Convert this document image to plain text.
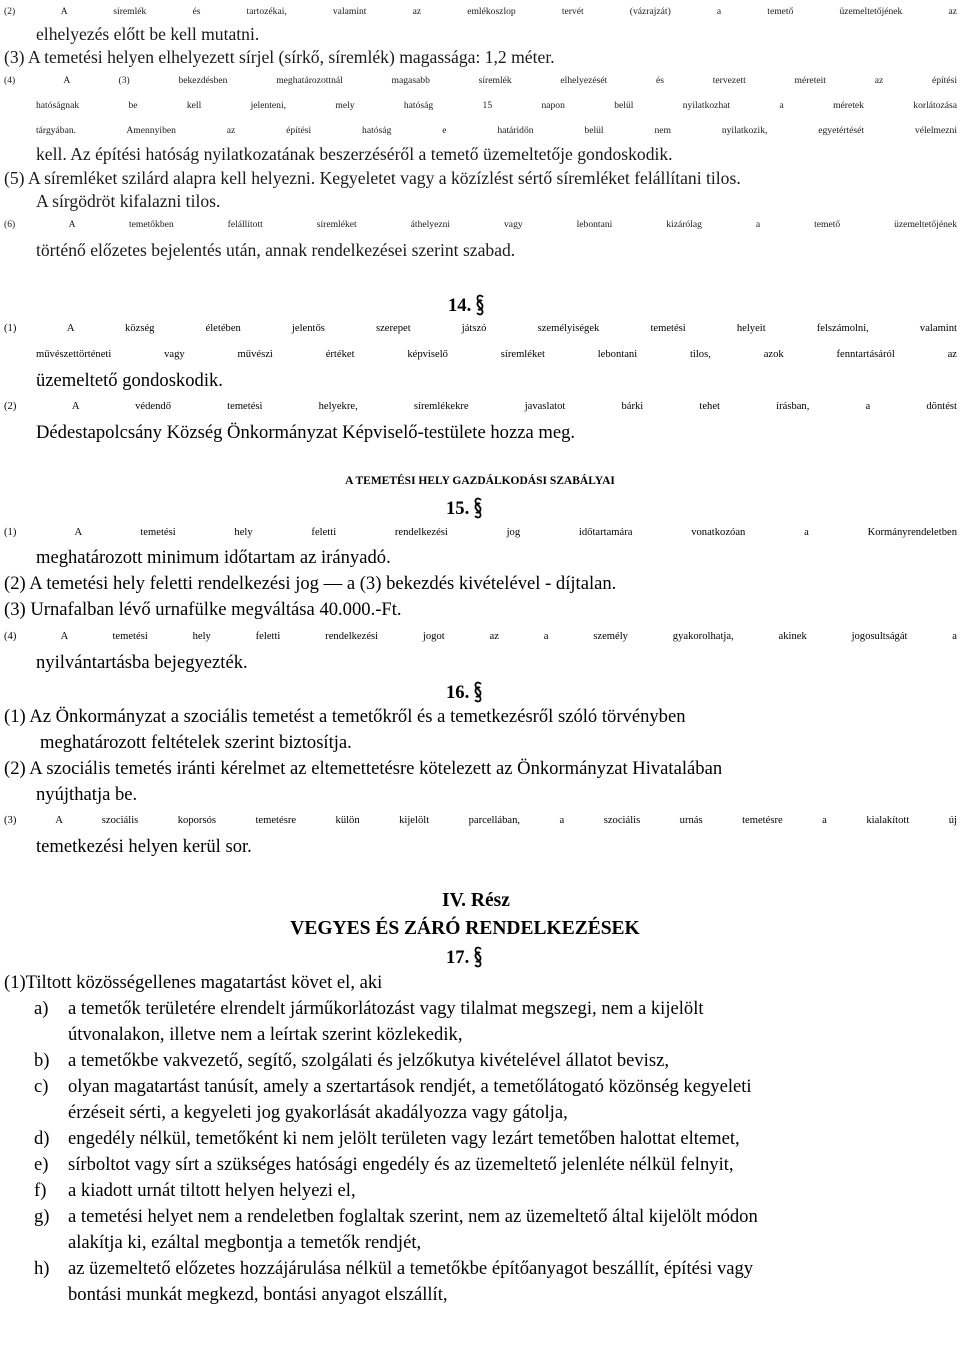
(2) A síremlék és tartozékai, valamint az emlékoszlop tervét (vázrajzát) a temető üzemeltetőjének az
elhelyezés előtt be kell mutatni.
(3) A temetési helyen elhelyezett sírjel (sírkő, síremlék) magassága: 1,2 méter.
(4) A (3) bekezdésben meghatározottnál magasabb síremlék elhelyezését és tervezett méreteit az építési
hatóságnak be kell jelenteni, mely hatóság 15 napon belül nyilatkozhat a méretek korlátozása
tárgyában. Amennyiben az építési hatóság e határidőn belül nem nyilatkozik, egyetértését vélelmezni
kell. Az építési hatóság nyilatkozatának beszerzéséről a temető üzemeltetője gondoskodik.
(5) A síremléket szilárd alapra kell helyezni. Kegyeletet vagy a közízlést sértő síremléket felállítani tilos.
A sírgödröt kifalazni tilos.
(6) A temetőkben felállított síremléket áthelyezni vagy lebontani kizárólag a temető üzemeltetőjének
történő előzetes bejelentés után, annak rendelkezései szerint szabad.
14.
(1) A község életében jelentős szerepet játszó személyiségek temetési helyeit felszámolni, valamint
művészettörténeti vagy művészi értéket képviselő síremléket lebontani tilos, azok fenntartásáról az
üzemeltető gondoskodik.
(2) A védendő temetési helyekre, síremlékekre javaslatot bárki tehet írásban, a döntést
Dédestapolcsány Község Önkormányzat Képviselő-testülete hozza meg.
A TEMETÉSI HELY GAZDÁLKODÁSI SZABÁLYAI
15.
(1) A temetési hely feletti rendelkezési jog időtartamára vonatkozóan a Kormányrendeletben
meghatározott minimum időtartam az irányadó.
(2) A temetési hely feletti rendelkezési jog — a (3) bekezdés kivételével - díjtalan.
(3) Urnafalban lévő urnafülke megváltása 40.000.-Ft.
(4) A temetési hely feletti rendelkezési jogot az a személy gyakorolhatja, akinek jogosultságát a
nyilvántartásba bejegyezték.
16.
(1) Az Önkormányzat a szociális temetést a temetőkről és a temetkezésről szóló törvényben
meghatározott feltételek szerint biztosítja.
(2) A szociális temetés iránti kérelmet az eltemettetésre kötelezett az Önkormányzat Hivatalában
nyújthatja be.
(3) A szociális koporsós temetésre külön kijelölt parcellában, a szociális urnás temetésre a kialakított új
temetkezési helyen kerül sor.
IV. Rész
VEGYES ÉS ZÁRÓ RENDELKEZÉSEK
17.
(1)Tiltott közösségellenes magatartást követ el, aki
a) a temetők területére elrendelt járműkorlátozást vagy tilalmat megszegi, nem a kijelölt
útvonalakon, illetve nem a leírtak szerint közlekedik,
b) a temetőkbe vakvezető, segítő, szolgálati és jelzőkutya kivételével állatot bevisz,
c) olyan magatartást tanúsít, amely a szertartások rendjét, a temetőlátogató közönség kegyeleti
érzéseit sérti, a kegyeleti jog gyakorlását akadályozza vagy gátolja,
d) engedély nélkül, temetőként ki nem jelölt területen vagy lezárt temetőben halottat eltemet,
e) sírboltot vagy sírt a szükséges hatósági engedély és az üzemeltető jelenléte nélkül felnyit,
f) a kiadott urnát tiltott helyen helyezi el,
g) a temetési helyet nem a rendeletben foglaltak szerint, nem az üzemeltető által kijelölt módon
alakítja ki, ezáltal megbontja a temetők rendjét,
h) az üzemeltető előzetes hozzájárulása nélkül a temetőkbe építőanyagot beszállít, építési vagy
bontási munkát megkezd, bontási anyagot elszállít,
